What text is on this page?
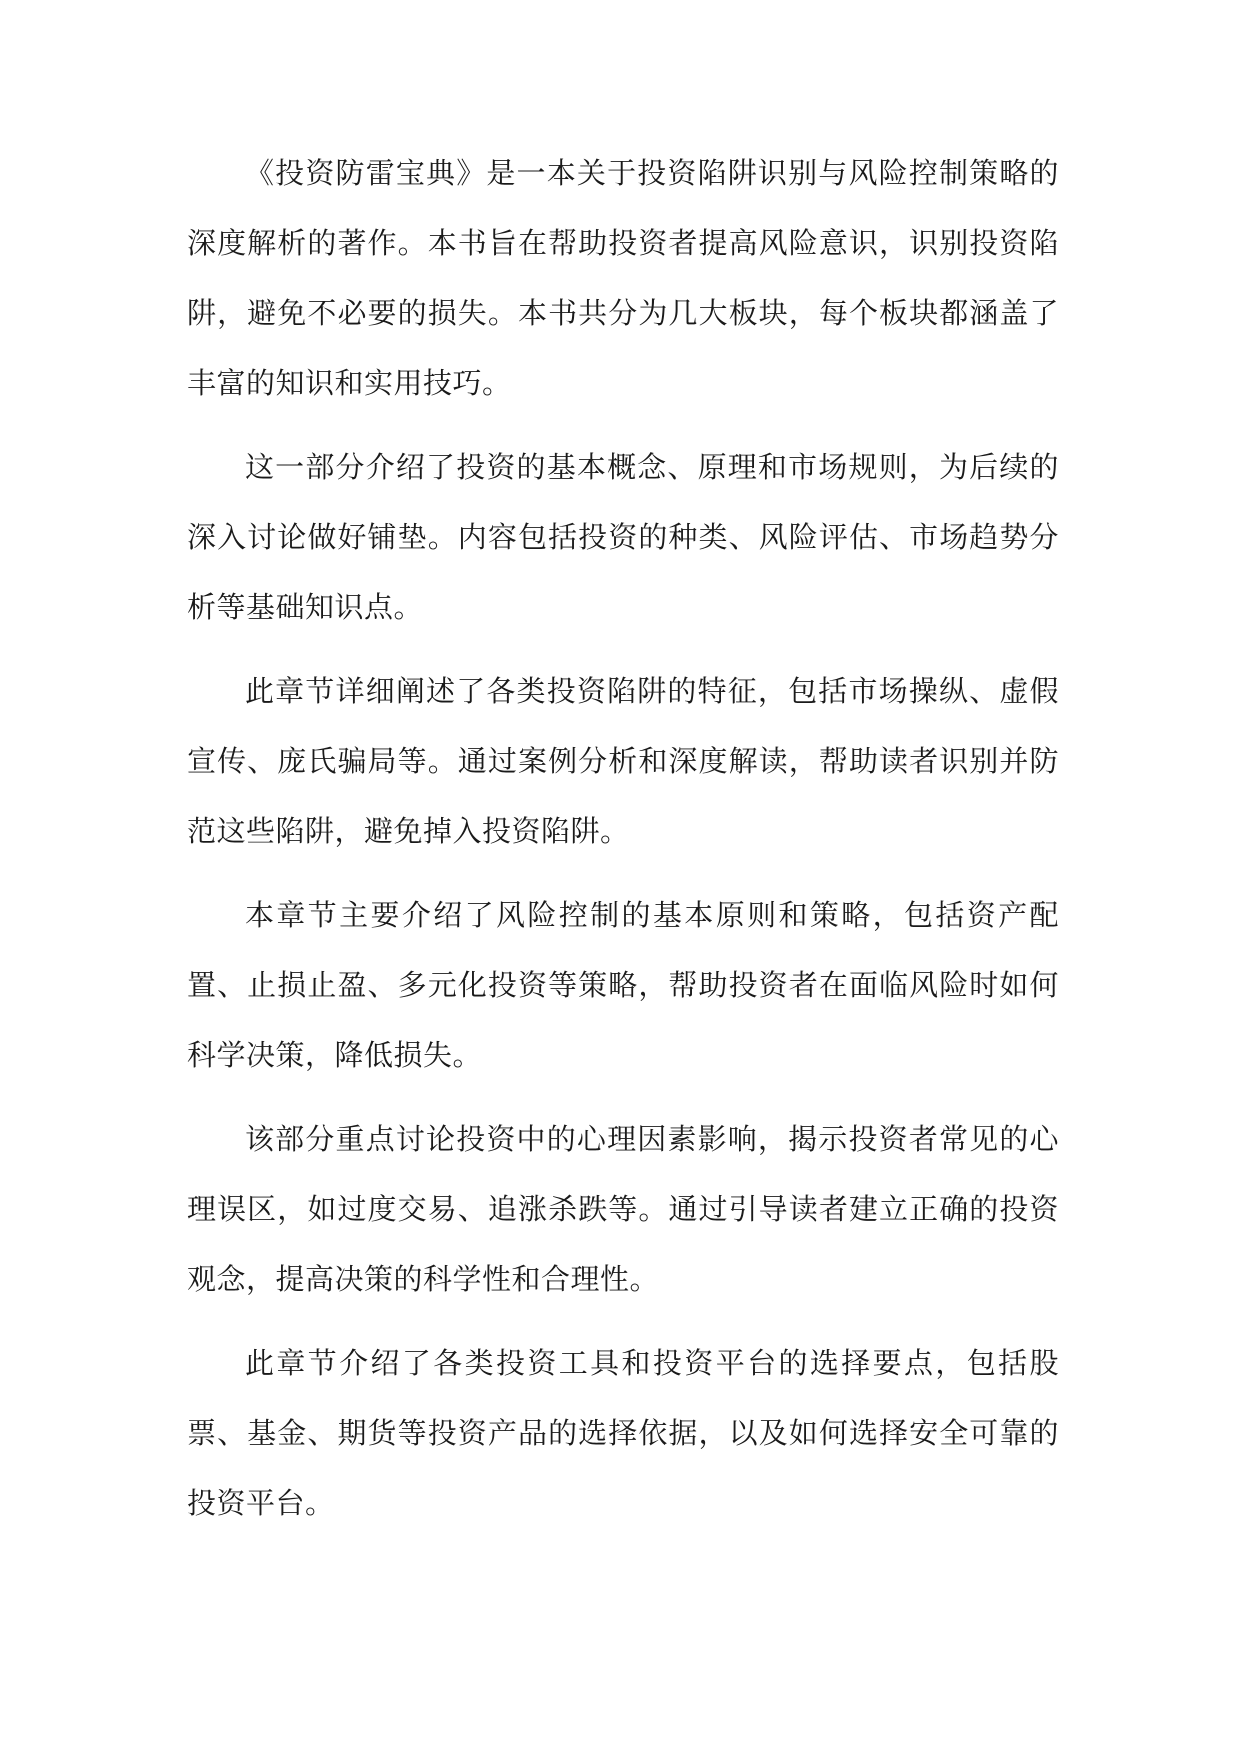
《投资防雷宝典》是一本关于投资陷阱识别与风险控制策略的深度解析的著作。本书旨在帮助投资者提高风险意识，识别投资陷阱，避免不必要的损失。本书共分为几大板块，每个板块都涵盖了丰富的知识和实用技巧。

这一部分介绍了投资的基本概念、原理和市场规则，为后续的深入讨论做好铺垫。内容包括投资的种类、风险评估、市场趋势分析等基础知识点。

此章节详细阐述了各类投资陷阱的特征，包括市场操纵、虚假宣传、庞氏骗局等。通过案例分析和深度解读，帮助读者识别并防范这些陷阱，避免掉入投资陷阱。

本章节主要介绍了风险控制的基本原则和策略，包括资产配置、止损止盈、多元化投资等策略，帮助投资者在面临风险时如何科学决策，降低损失。

该部分重点讨论投资中的心理因素影响，揭示投资者常见的心理误区，如过度交易、追涨杀跌等。通过引导读者建立正确的投资观念，提高决策的科学性和合理性。

此章节介绍了各类投资工具和投资平台的选择要点，包括股票、基金、期货等投资产品的选择依据，以及如何选择安全可靠的投资平台。
